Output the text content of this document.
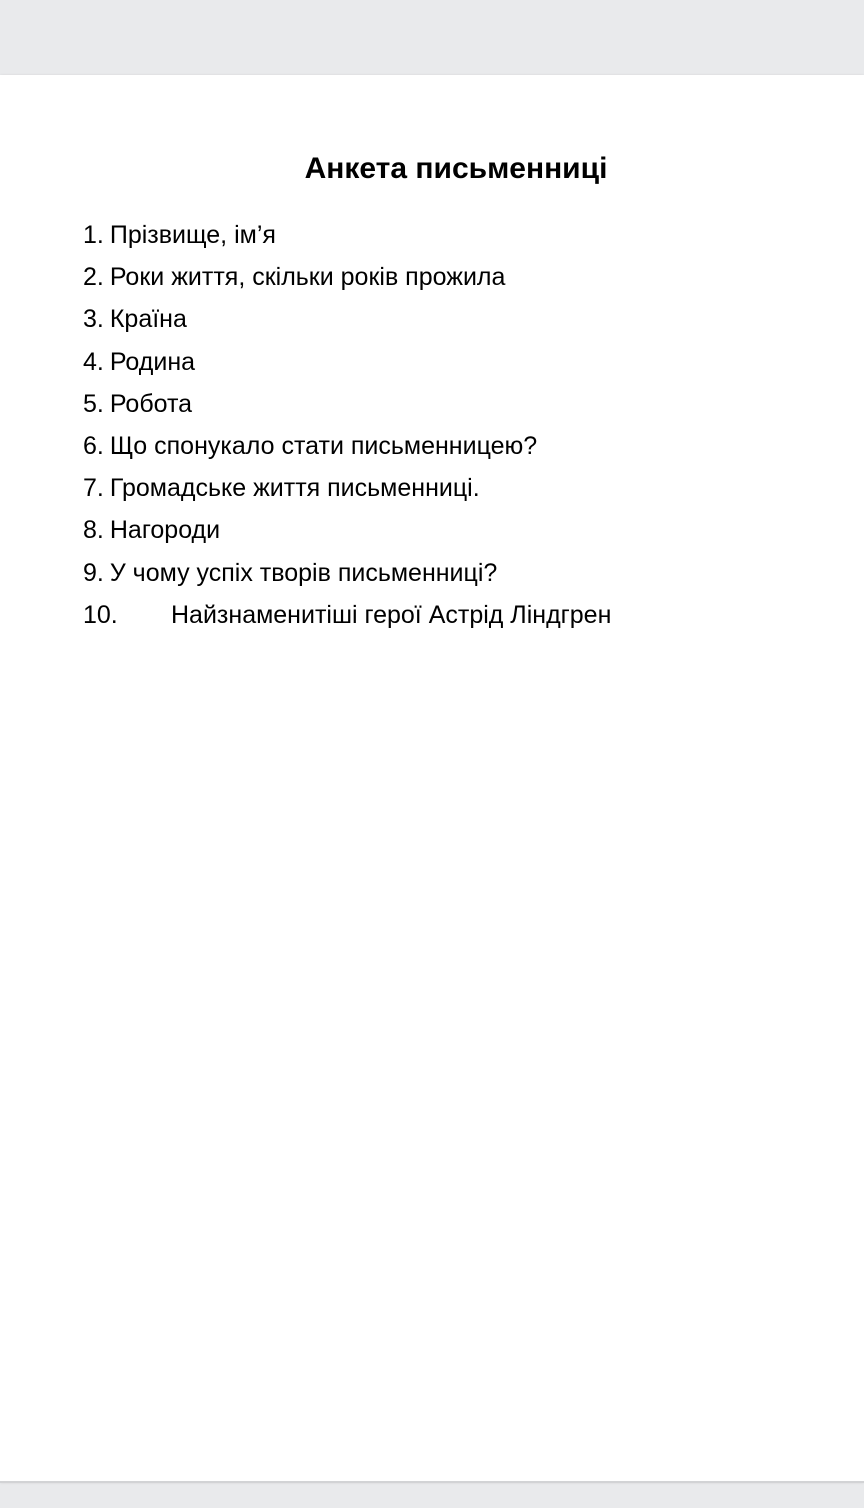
Анкета письменниці
1. Прізвище, ім’я
2. Роки життя, скільки років прожила
3. Країна
4. Родина
5. Робота
6. Що спонукало стати письменницею?
7. Громадське життя письменниці.
8. Нагороди
9. У чому успіх творів письменниці?
10.	Найзнаменитіші герої Астрід Ліндгрен
